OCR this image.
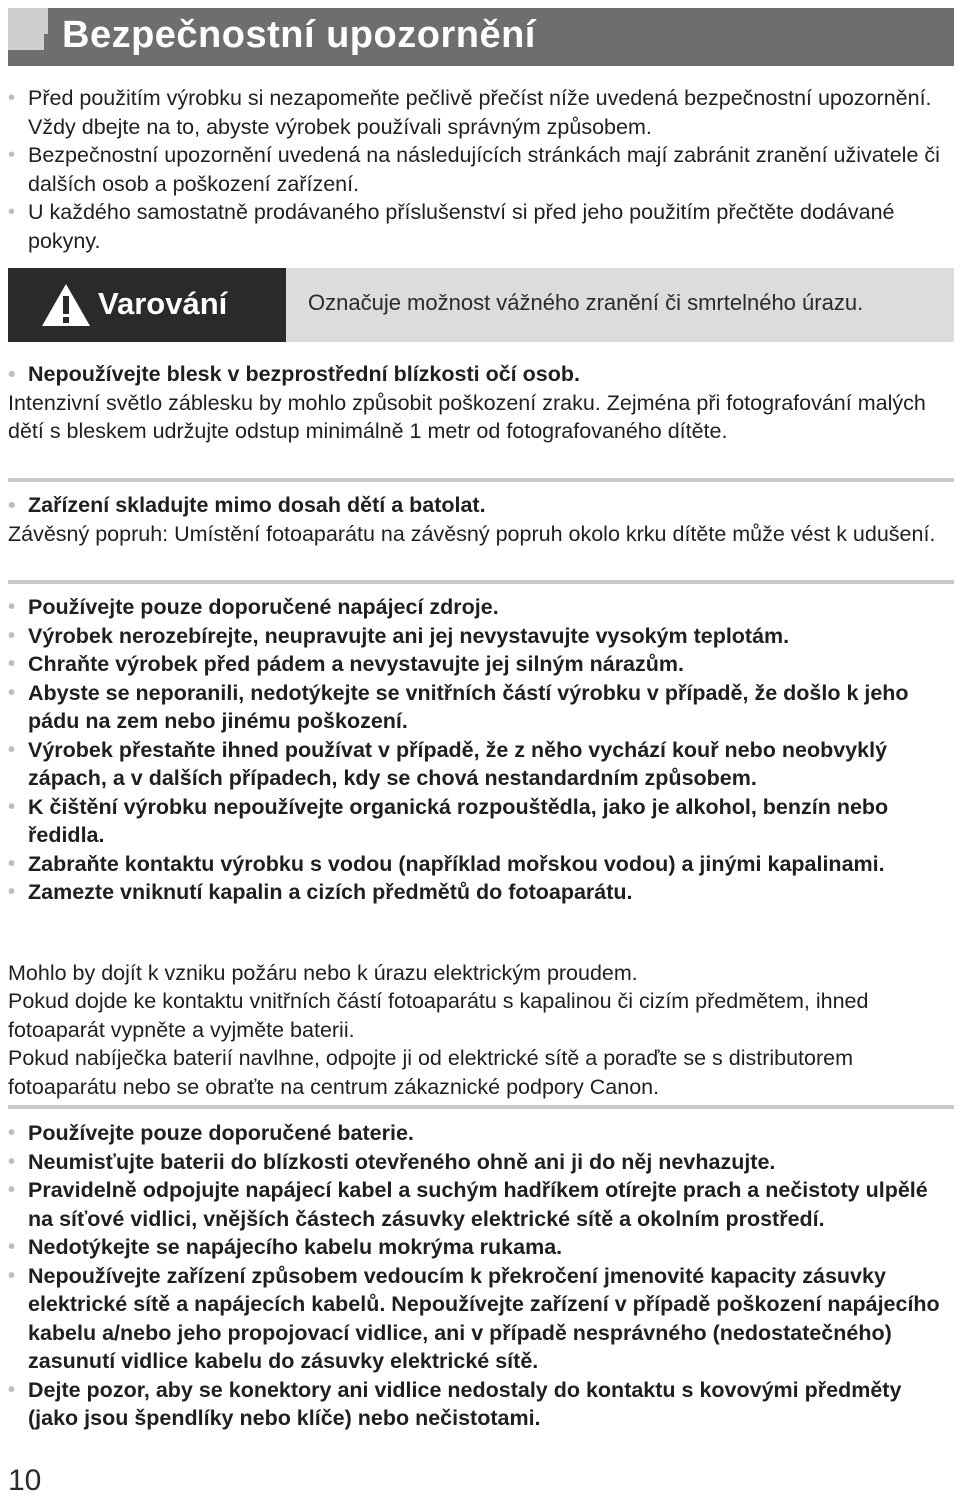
Bezpečnostní upozornění
• Před použitím výrobku si nezapomeňte pečlivě přečíst níže uvedená bezpečnostní upozornění. Vždy dbejte na to, abyste výrobek používali správným způsobem.
• Bezpečnostní upozornění uvedená na následujících stránkách mají zabránit zranění uživatele či dalších osob a poškození zařízení.
• U každého samostatně prodávaného příslušenství si před jeho použitím přečtěte dodávané pokyny.
Varování	Označuje možnost vážného zranění či smrtelného úrazu.
• Nepoužívejte blesk v bezprostřední blízkosti očí osob.
Intenzivní světlo záblesku by mohlo způsobit poškození zraku. Zejména při fotografování malých dětí s bleskem udržujte odstup minimálně 1 metr od fotografovaného dítěte.
• Zařízení skladujte mimo dosah dětí a batolat.
Závěsný popruh: Umístění fotoaparátu na závěsný popruh okolo krku dítěte může vést k udušení.
• Používejte pouze doporučené napájecí zdroje.
• Výrobek nerozebírejte, neupravujte ani jej nevystavujte vysokým teplotám.
• Chraňte výrobek před pádem a nevystavujte jej silným nárazům.
• Abyste se neporanili, nedotýkejte se vnitřních částí výrobku v případě, že došlo k jeho pádu na zem nebo jinému poškození.
• Výrobek přestaňte ihned používat v případě, že z něho vychází kouř nebo neobvyklý zápach, a v dalších případech, kdy se chová nestandardním způsobem.
• K čištění výrobku nepoužívejte organická rozpouštědla, jako je alkohol, benzín nebo ředidla.
• Zabraňte kontaktu výrobku s vodou (například mořskou vodou) a jinými kapalinami.
• Zamezte vniknutí kapalin a cizích předmětů do fotoaparátu.
Mohlo by dojít k vzniku požáru nebo k úrazu elektrickým proudem.
Pokud dojde ke kontaktu vnitřních částí fotoaparátu s kapalinou či cizím předmětem, ihned fotoaparát vypněte a vyjměte baterii.
Pokud nabíječka baterií navlhne, odpojte ji od elektrické sítě a poraďte se s distributorem fotoaparátu nebo se obraťte na centrum zákaznické podpory Canon.
• Používejte pouze doporučené baterie.
• Neumisťujte baterii do blízkosti otevřeného ohně ani ji do něj nevhazujte.
• Pravidelně odpojujte napájecí kabel a suchým hadříkem otírejte prach a nečistoty ulpělé na síťové vidlici, vnějších částech zásuvky elektrické sítě a okolním prostředí.
• Nedotýkejte se napájecího kabelu mokrýma rukama.
• Nepoužívejte zařízení způsobem vedoucím k překročení jmenovité kapacity zásuvky elektrické sítě a napájecích kabelů. Nepoužívejte zařízení v případě poškození napájecího kabelu a/nebo jeho propojovací vidlice, ani v případě nesprávného (nedostatečného) zasunutí vidlice kabelu do zásuvky elektrické sítě.
• Dejte pozor, aby se konektory ani vidlice nedostaly do kontaktu s kovovými předměty (jako jsou špendlíky nebo klíče) nebo nečistotami.
10
